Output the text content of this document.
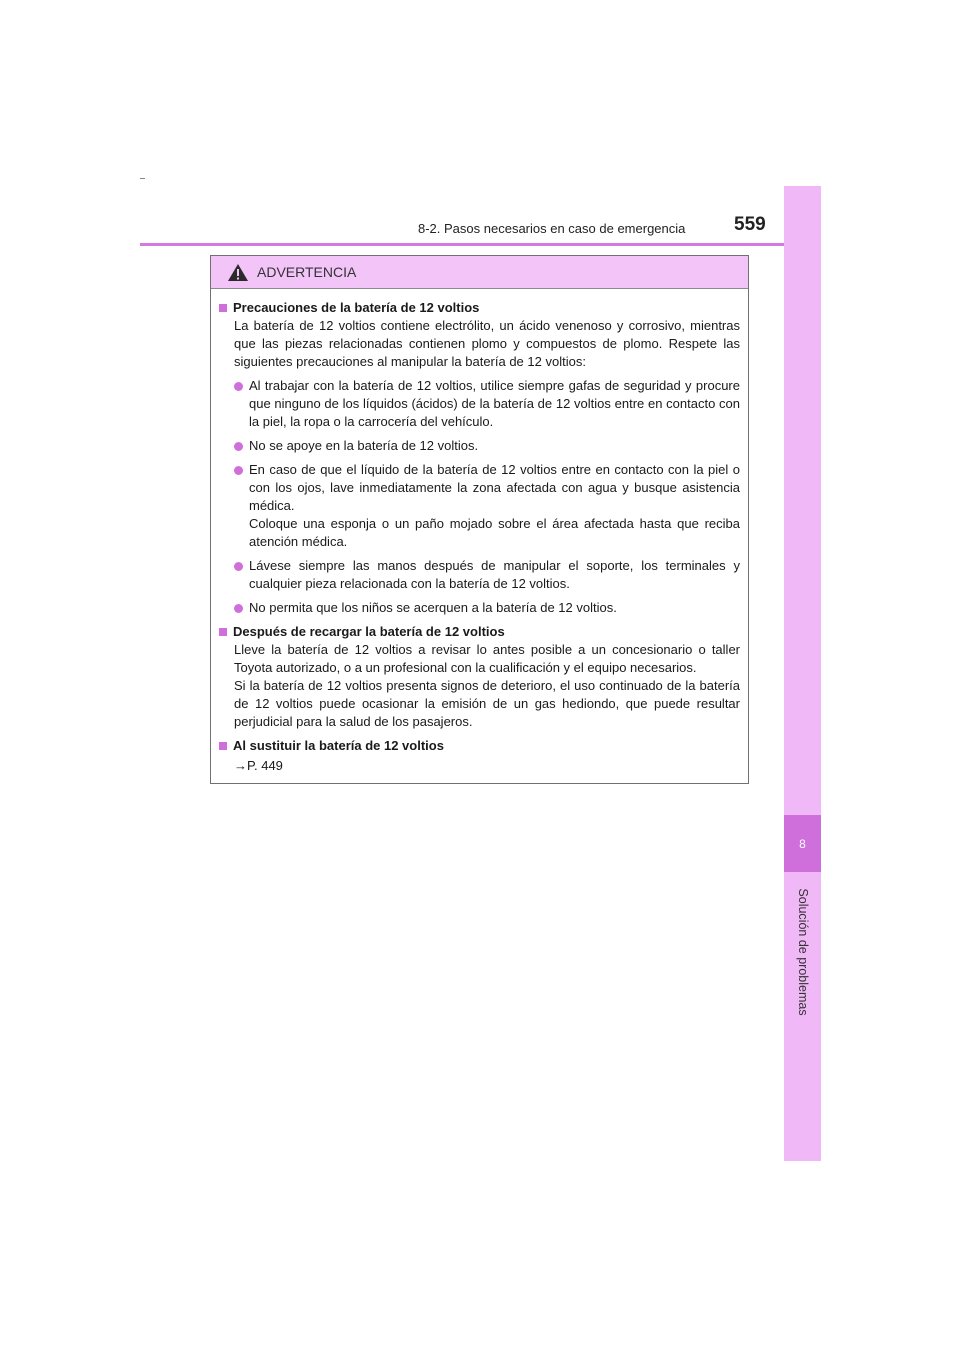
8-2. Pasos necesarios en caso de emergencia	559
8
Solución de problemas
ADVERTENCIA
Precauciones de la batería de 12 voltios
La batería de 12 voltios contiene electrólito, un ácido venenoso y corrosivo, mientras que las piezas relacionadas contienen plomo y compuestos de plomo. Respete las siguientes precauciones al manipular la batería de 12 voltios:
Al trabajar con la batería de 12 voltios, utilice siempre gafas de seguridad y procure que ninguno de los líquidos (ácidos) de la batería de 12 voltios entre en contacto con la piel, la ropa o la carrocería del vehículo.
No se apoye en la batería de 12 voltios.
En caso de que el líquido de la batería de 12 voltios entre en contacto con la piel o con los ojos, lave inmediatamente la zona afectada con agua y busque asistencia médica.
Coloque una esponja o un paño mojado sobre el área afectada hasta que reciba atención médica.
Lávese siempre las manos después de manipular el soporte, los terminales y cualquier pieza relacionada con la batería de 12 voltios.
No permita que los niños se acerquen a la batería de 12 voltios.
Después de recargar la batería de 12 voltios
Lleve la batería de 12 voltios a revisar lo antes posible a un concesionario o taller Toyota autorizado, o a un profesional con la cualificación y el equipo necesarios.
Si la batería de 12 voltios presenta signos de deterioro, el uso continuado de la batería de 12 voltios puede ocasionar la emisión de un gas hediondo, que puede resultar perjudicial para la salud de los pasajeros.
Al sustituir la batería de 12 voltios
→P. 449
